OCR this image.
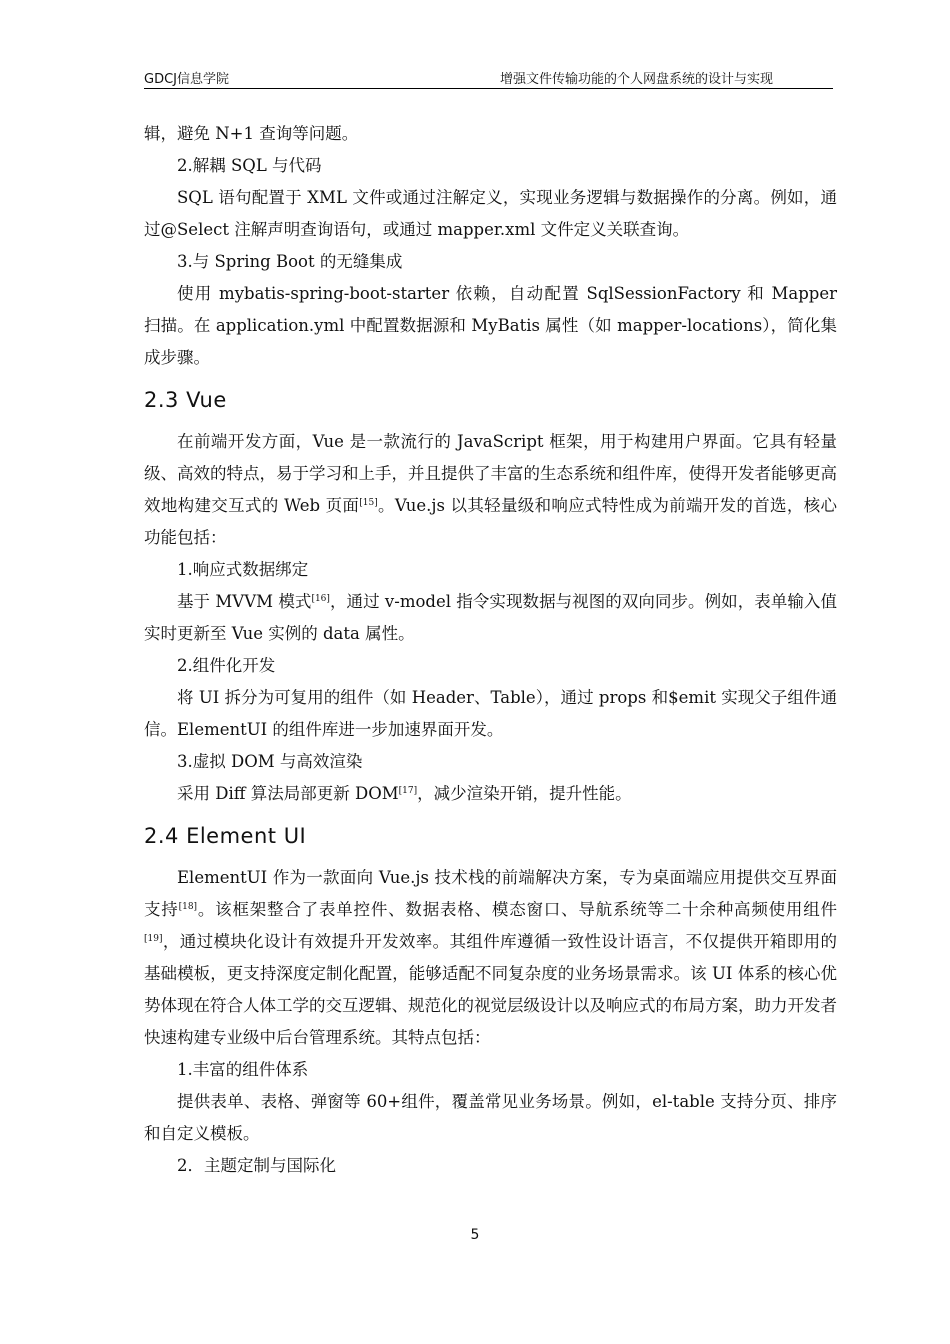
GDCJ信息学院	增强文件传输功能的个人网盘系统的设计与实现

辑，避免 N+1 查询等问题。

2.解耦 SQL 与代码

SQL 语句配置于 XML 文件或通过注解定义，实现业务逻辑与数据操作的分离。例如，通过@Select 注解声明查询语句，或通过 mapper.xml 文件定义关联查询。

3.与 Spring Boot 的无缝集成

使用 mybatis-spring-boot-starter 依赖，自动配置 SqlSessionFactory 和 Mapper 扫描。在 application.yml 中配置数据源和 MyBatis 属性（如 mapper-locations），简化集成步骤。

2.3 Vue

在前端开发方面，Vue 是一款流行的 JavaScript 框架，用于构建用户界面。它具有轻量级、高效的特点，易于学习和上手，并且提供了丰富的生态系统和组件库，使得开发者能够更高效地构建交互式的 Web 页面[15]。Vue.js 以其轻量级和响应式特性成为前端开发的首选，核心功能包括：

1.响应式数据绑定

基于 MVVM 模式[16]，通过 v-model 指令实现数据与视图的双向同步。例如，表单输入值实时更新至 Vue 实例的 data 属性。

2.组件化开发

将 UI 拆分为可复用的组件（如 Header、Table），通过 props 和$emit 实现父子组件通信。ElementUI 的组件库进一步加速界面开发。

3.虚拟 DOM 与高效渲染

采用 Diff 算法局部更新 DOM[17]，减少渲染开销，提升性能。

2.4 Element UI

ElementUI 作为一款面向 Vue.js 技术栈的前端解决方案，专为桌面端应用提供交互界面支持[18]。该框架整合了表单控件、数据表格、模态窗口、导航系统等二十余种高频使用组件[19]，通过模块化设计有效提升开发效率。其组件库遵循一致性设计语言，不仅提供开箱即用的基础模板，更支持深度定制化配置，能够适配不同复杂度的业务场景需求。该 UI 体系的核心优势体现在符合人体工学的交互逻辑、规范化的视觉层级设计以及响应式的布局方案，助力开发者快速构建专业级中后台管理系统。其特点包括：

1.丰富的组件体系

提供表单、表格、弹窗等 60+组件，覆盖常见业务场景。例如，el-table 支持分页、排序和自定义模板。

2．主题定制与国际化

5
